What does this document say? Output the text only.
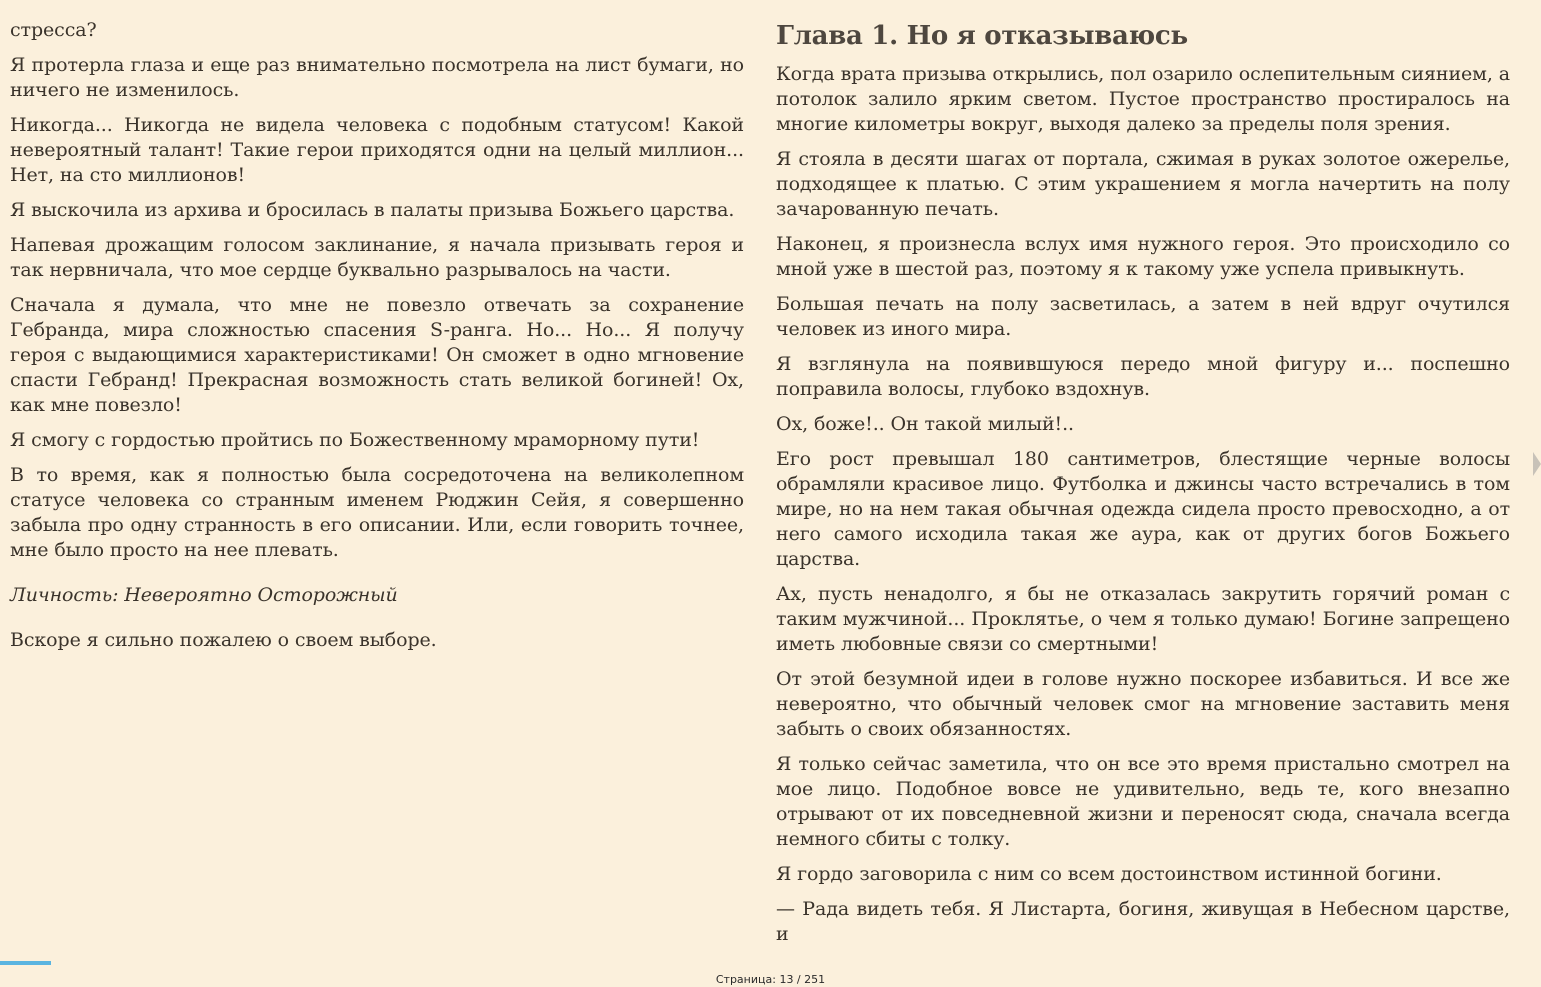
стресса?

Я протерла глаза и еще раз внимательно посмотрела на лист бумаги, но ничего не изменилось.

Никогда... Никогда не видела человека с подобным статусом! Какой невероятный талант! Такие герои приходятся одни на целый миллион... Нет, на сто миллионов!

Я выскочила из архива и бросилась в палаты призыва Божьего царства.

Напевая дрожащим голосом заклинание, я начала призывать героя и так нервничала, что мое сердце буквально разрывалось на части.

Сначала я думала, что мне не повезло отвечать за сохранение Гебранда, мира сложностью спасения S-ранга. Но... Но... Я получу героя с выдающимися характеристиками! Он сможет в одно мгновение спасти Гебранд! Прекрасная возможность стать великой богиней! Ох, как мне повезло!

Я смогу с гордостью пройтись по Божественному мраморному пути!

В то время, как я полностью была сосредоточена на великолепном статусе человека со странным именем Рюджин Сейя, я совершенно забыла про одну странность в его описании. Или, если говорить точнее, мне было просто на нее плевать.

Личность: Невероятно Осторожный

Вскоре я сильно пожалею о своем выборе.

Глава 1. Но я отказываюсь

Когда врата призыва открылись, пол озарило ослепительным сиянием, а потолок залило ярким светом. Пустое пространство простиралось на многие километры вокруг, выходя далеко за пределы поля зрения.

Я стояла в десяти шагах от портала, сжимая в руках золотое ожерелье, подходящее к платью. С этим украшением я могла начертить на полу зачарованную печать.

Наконец, я произнесла вслух имя нужного героя. Это происходило со мной уже в шестой раз, поэтому я к такому уже успела привыкнуть.

Большая печать на полу засветилась, а затем в ней вдруг очутился человек из иного мира.

Я взглянула на появившуюся передо мной фигуру и... поспешно поправила волосы, глубоко вздохнув.

Ох, боже!.. Он такой милый!..

Его рост превышал 180 сантиметров, блестящие черные волосы обрамляли красивое лицо. Футболка и джинсы часто встречались в том мире, но на нем такая обычная одежда сидела просто превосходно, а от него самого исходила такая же аура, как от других богов Божьего царства.

Ах, пусть ненадолго, я бы не отказалась закрутить горячий роман с таким мужчиной... Проклятье, о чем я только думаю! Богине запрещено иметь любовные связи со смертными!

От этой безумной идеи в голове нужно поскорее избавиться. И все же невероятно, что обычный человек смог на мгновение заставить меня забыть о своих обязанностях.

Я только сейчас заметила, что он все это время пристально смотрел на мое лицо. Подобное вовсе не удивительно, ведь те, кого внезапно отрывают от их повседневной жизни и переносят сюда, сначала всегда немного сбиты с толку.

Я гордо заговорила с ним со всем достоинством истинной богини.

— Рада видеть тебя. Я Листарта, богиня, живущая в Небесном царстве, и

Страница: 13 / 251
